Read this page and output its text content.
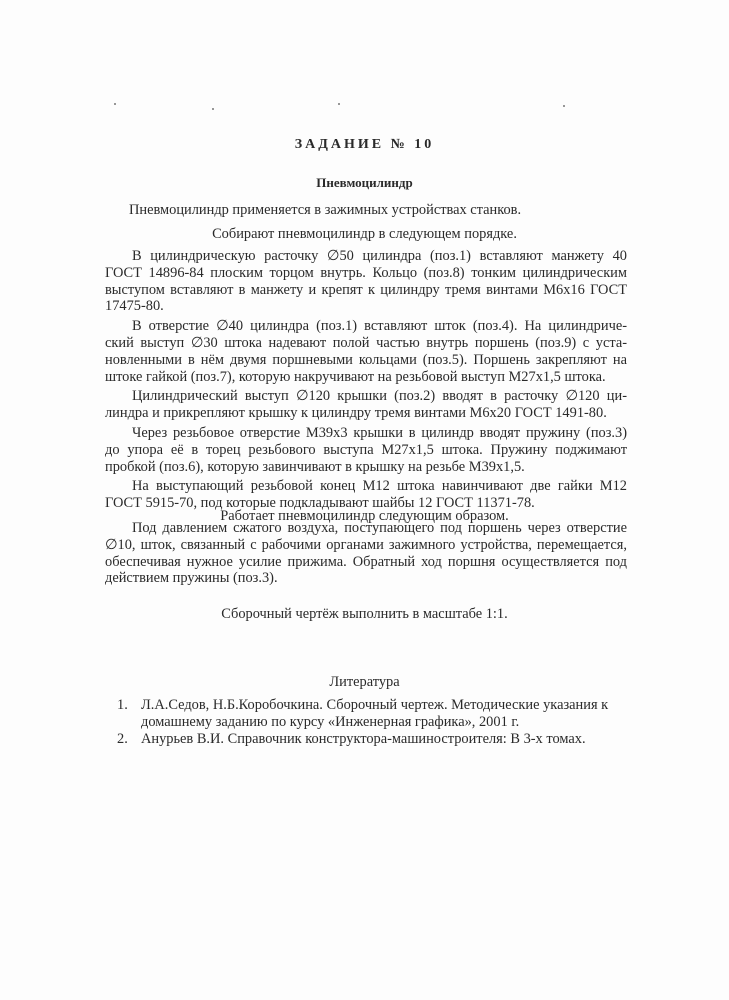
ЗАДАНИЕ № 10
Пневмоцилиндр
Пневмоцилиндр применяется в зажимных устройствах станков.
Собирают пневмоцилиндр в следующем порядке.
В цилиндрическую расточку ∅50 цилиндра (поз.1) вставляют манжету 40
ГОСТ 14896-84 плоским торцом внутрь. Кольцо (поз.8) тонким цилиндрическим
выступом вставляют в манжету и крепят к цилиндру тремя винтами М6х16 ГОСТ
17475-80.
В отверстие ∅40 цилиндра (поз.1) вставляют шток (поз.4). На цилиндриче-
ский выступ ∅30 штока надевают полой частью внутрь поршень (поз.9) с уста-
новленными в нём двумя поршневыми кольцами (поз.5). Поршень закрепляют на
штоке гайкой (поз.7), которую накручивают на резьбовой выступ М27х1,5 штока.
Цилиндрический выступ ∅120 крышки (поз.2) вводят в расточку ∅120 ци-
линдра и прикрепляют крышку к цилиндру тремя винтами М6х20 ГОСТ 1491-80.
Через резьбовое отверстие М39х3 крышки в цилиндр вводят пружину (поз.3)
до упора её в торец резьбового выступа М27х1,5 штока. Пружину поджимают
пробкой (поз.6), которую завинчивают в крышку на резьбе М39х1,5.
На выступающий резьбовой конец М12 штока навинчивают две гайки М12
ГОСТ 5915-70, под которые подкладывают шайбы 12 ГОСТ 11371-78.
Работает пневмоцилиндр следующим образом.
Под давлением сжатого воздуха, поступающего под поршень через отверстие
∅10, шток, связанный с рабочими органами зажимного устройства, перемещается,
обеспечивая нужное усилие прижима. Обратный ход поршня осуществляется под
действием пружины (поз.3).
Сборочный чертёж выполнить в масштабе 1:1.
Литература
1. Л.А.Седов, Н.Б.Коробочкина. Сборочный чертеж. Методические указания к
домашнему заданию по курсу «Инженерная графика», 2001 г.
2. Анурьев В.И. Справочник конструктора-машиностроителя: В 3-х томах.
